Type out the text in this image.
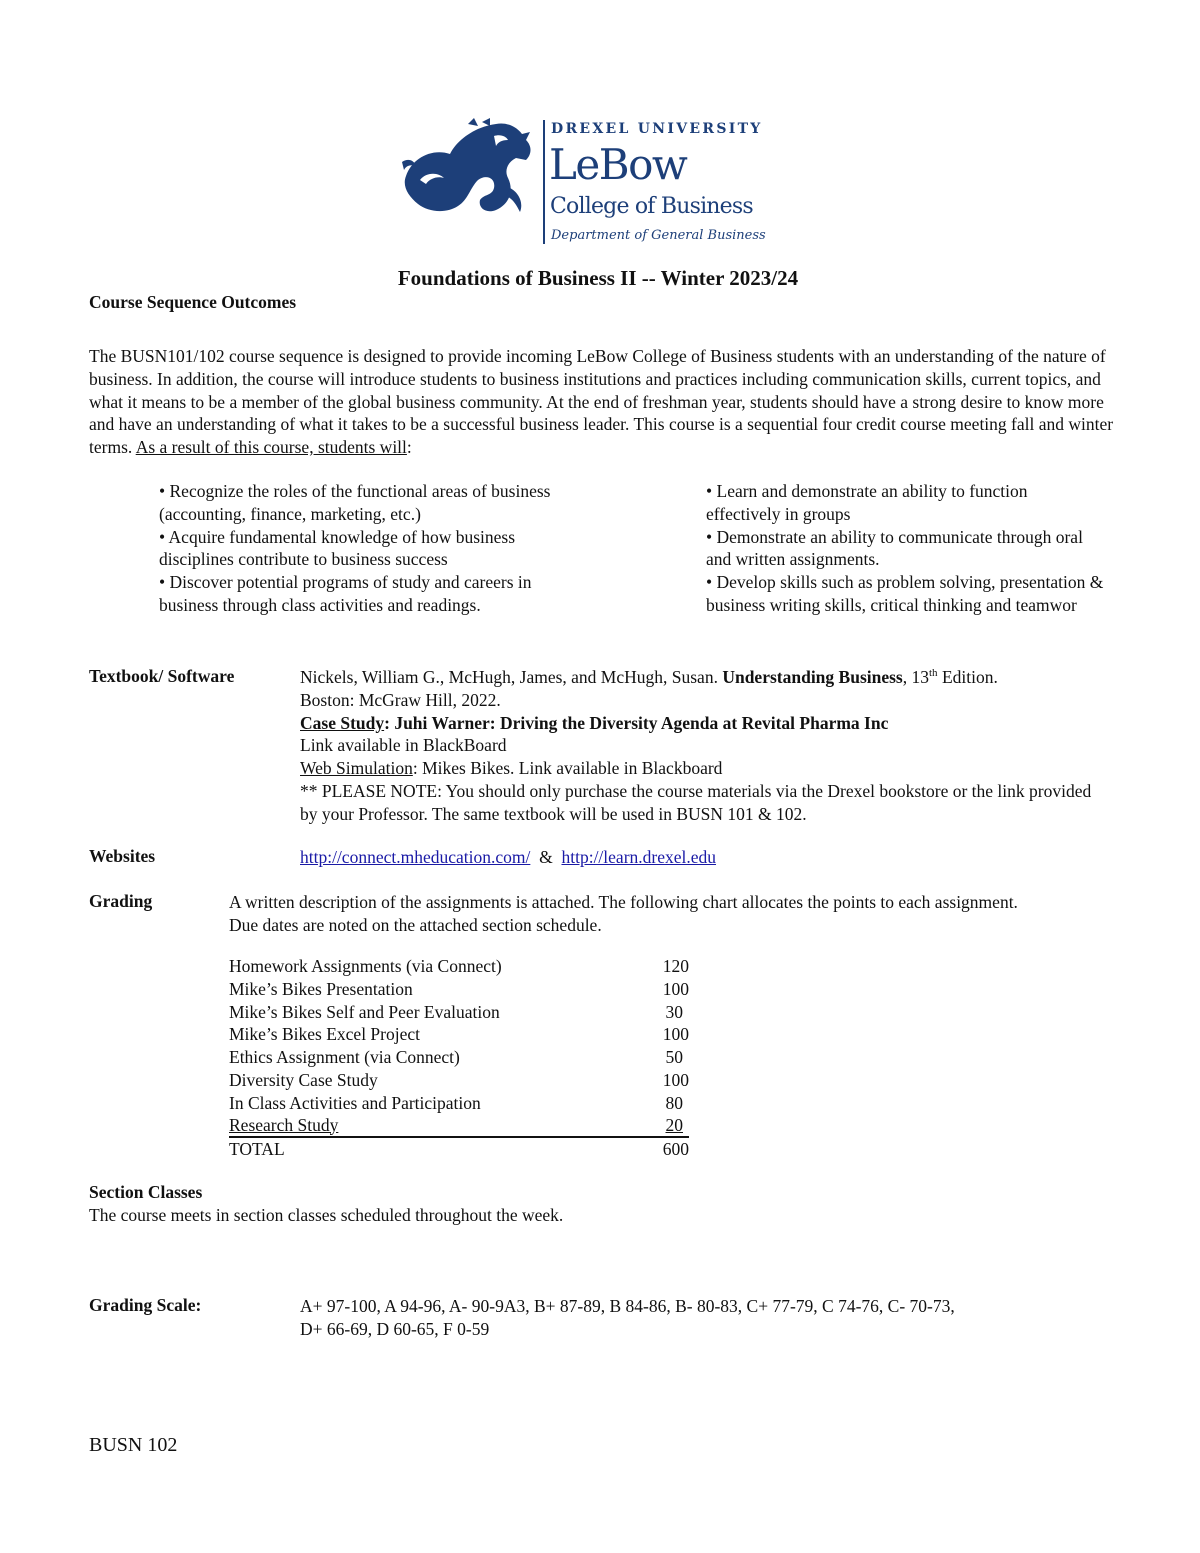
DREXEL UNIVERSITY
LeBow
College of Business
Department of General Business
Foundations of Business II -- Winter 2023/24
Course Sequence Outcomes
The BUSN101/102 course sequence is designed to provide incoming LeBow College of Business students with an understanding of the nature of business. In addition, the course will introduce students to business institutions and practices including communication skills, current topics, and what it means to be a member of the global business community. At the end of freshman year, students should have a strong desire to know more and have an understanding of what it takes to be a successful business leader. This course is a sequential four credit course meeting fall and winter terms. As a result of this course, students will:
• Recognize the roles of the functional areas of business (accounting, finance, marketing, etc.)
• Acquire fundamental knowledge of how business disciplines contribute to business success
• Discover potential programs of study and careers in business through class activities and readings.
• Learn and demonstrate an ability to function effectively in groups
• Demonstrate an ability to communicate through oral and written assignments.
• Develop skills such as problem solving, presentation & business writing skills, critical thinking and teamwor
Textbook/ Software	Nickels, William G., McHugh, James, and McHugh, Susan. Understanding Business, 13th Edition.
Boston: McGraw Hill, 2022.
Case Study: Juhi Warner: Driving the Diversity Agenda at Revital Pharma Inc
Link available in BlackBoard
Web Simulation: Mikes Bikes. Link available in Blackboard
** PLEASE NOTE: You should only purchase the course materials via the Drexel bookstore or the link provided by your Professor. The same textbook will be used in BUSN 101 & 102.
Websites	http://connect.mheducation.com/  &  http://learn.drexel.edu
Grading	A written description of the assignments is attached. The following chart allocates the points to each assignment. Due dates are noted on the attached section schedule.
Homework Assignments (via Connect)	120
Mike’s Bikes Presentation	100
Mike’s Bikes Self and Peer Evaluation	30
Mike’s Bikes Excel Project	100
Ethics Assignment (via Connect)	50
Diversity Case Study	100
In Class Activities and Participation	80
Research Study	20
TOTAL	600
Section Classes
The course meets in section classes scheduled throughout the week.
Grading Scale:	A+ 97-100, A 94-96, A- 90-9A3, B+ 87-89, B 84-86, B- 80-83, C+ 77-79, C 74-76, C- 70-73,
D+ 66-69, D 60-65, F 0-59
BUSN 102
